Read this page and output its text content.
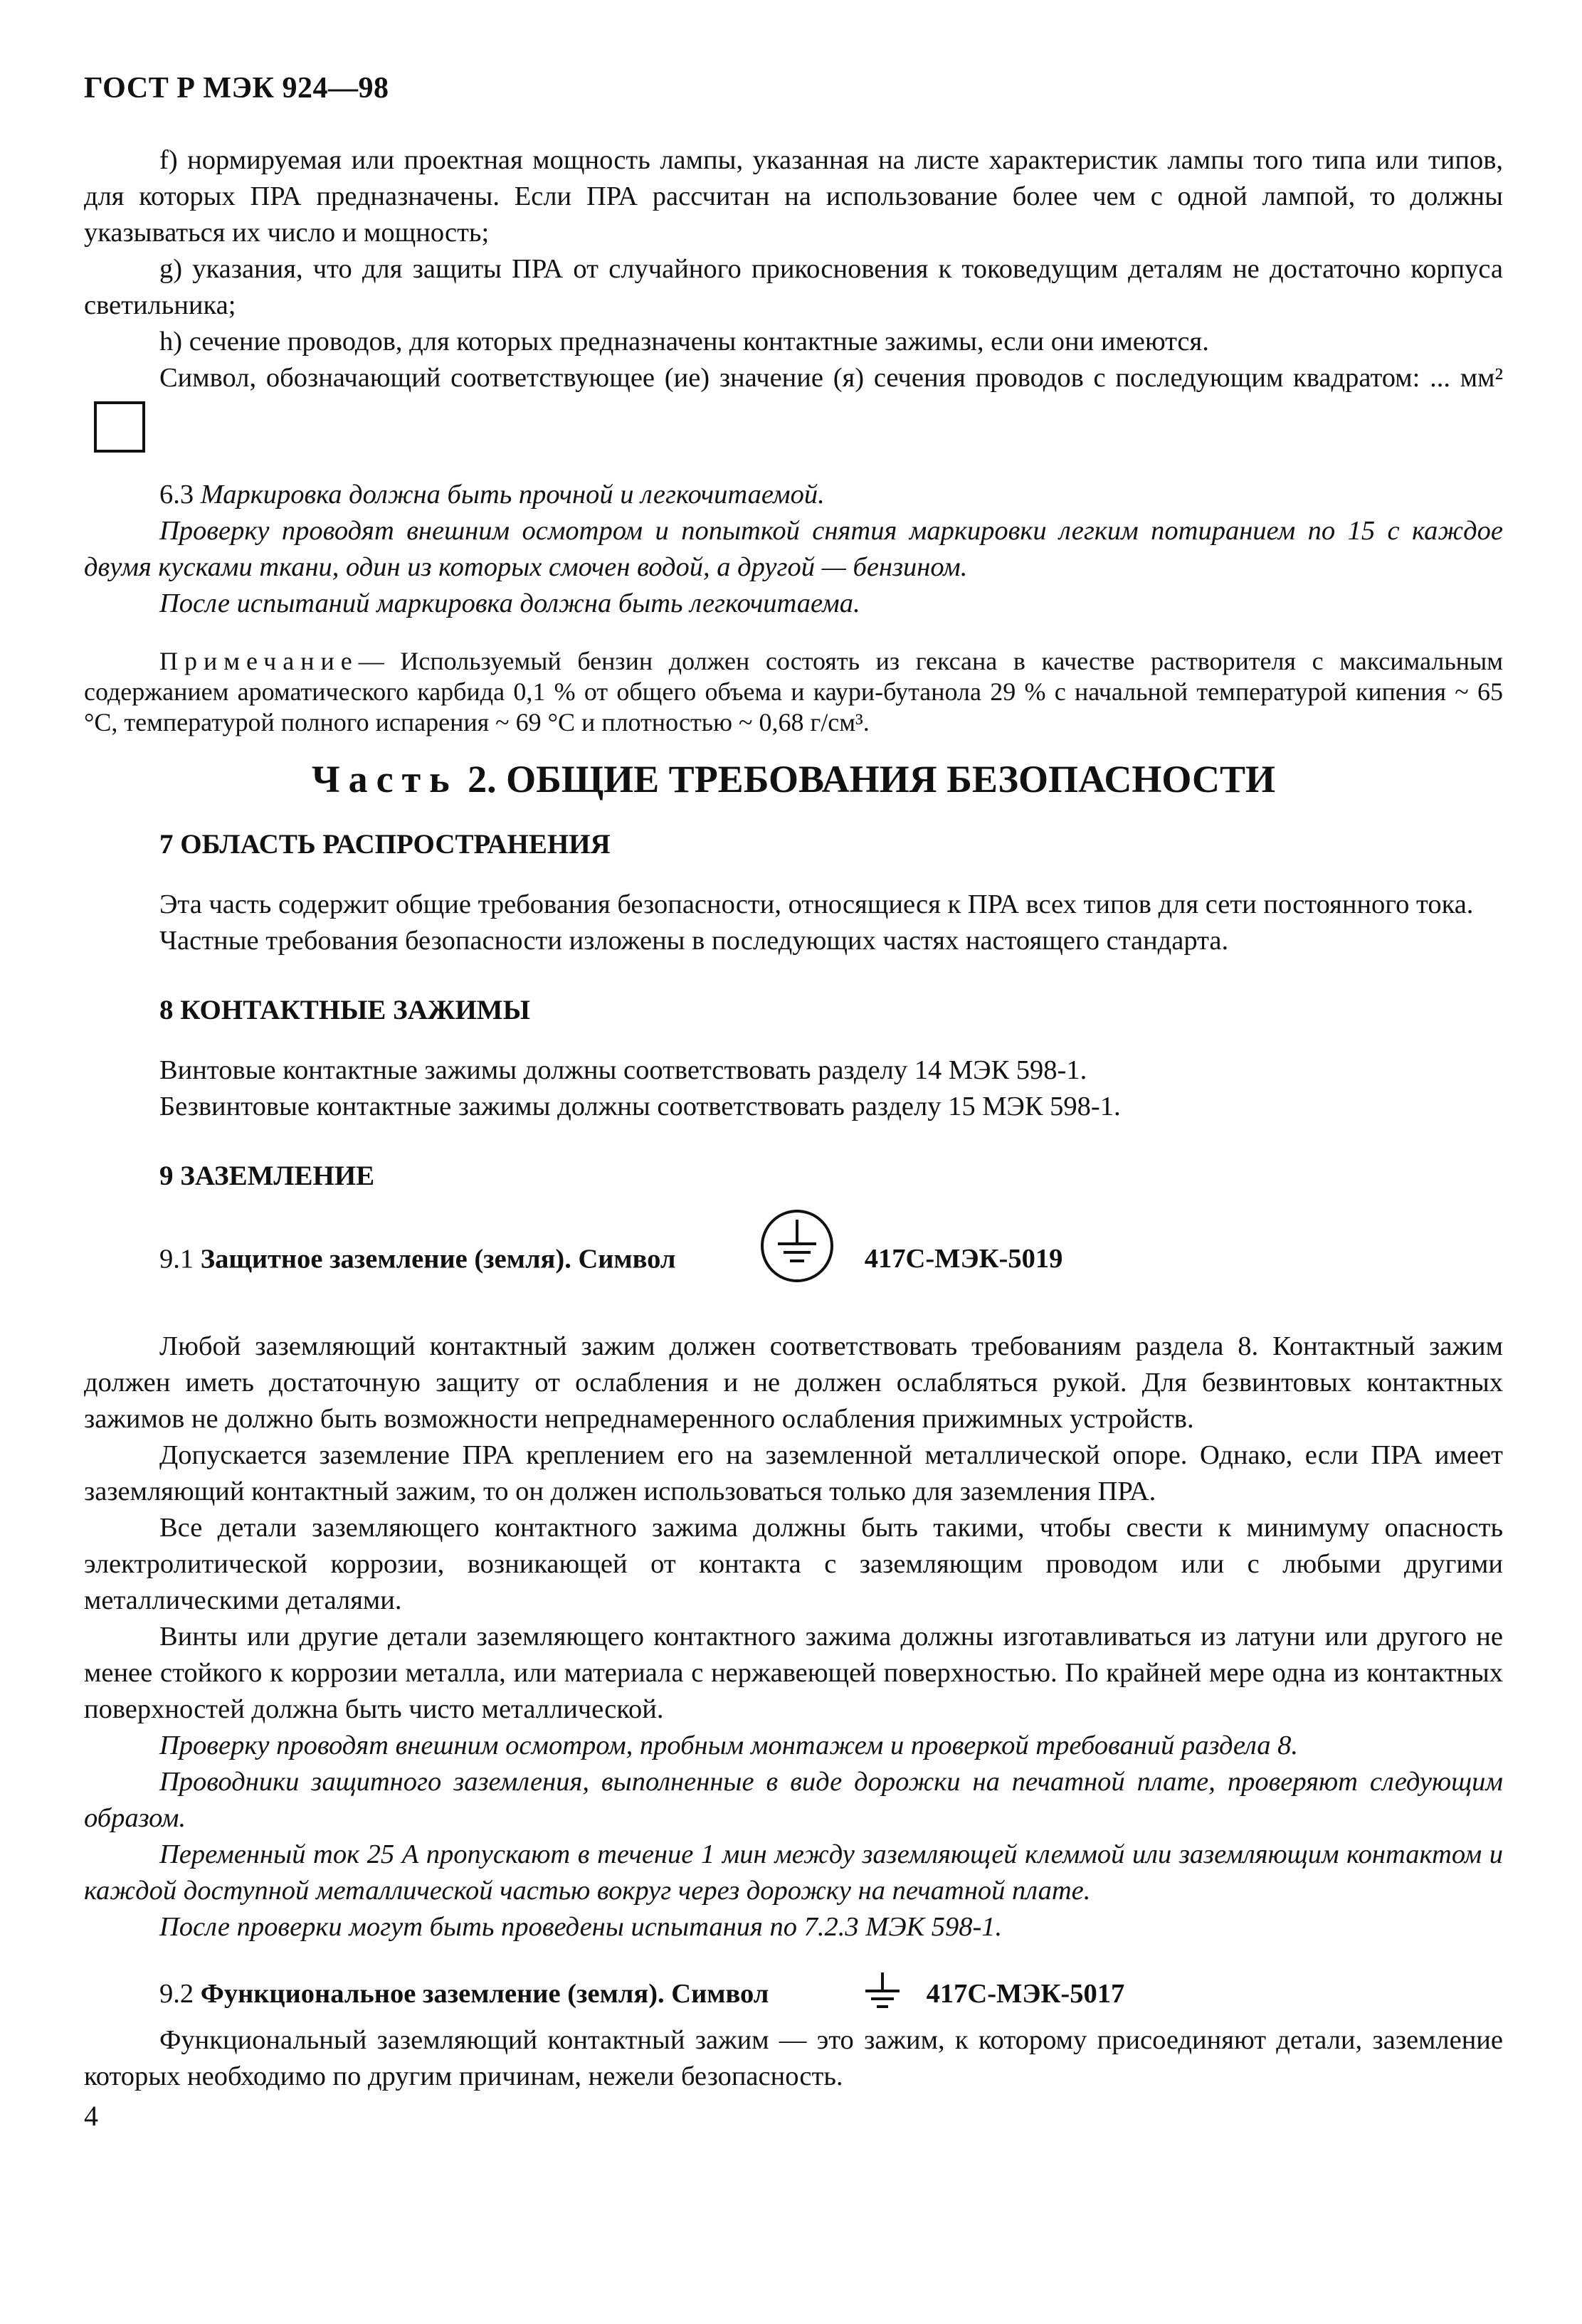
ГОСТ Р МЭК 924—98

f) нормируемая или проектная мощность лампы, указанная на листе характеристик лампы того типа или типов, для которых ПРА предназначены. Если ПРА рассчитан на использование более чем с одной лампой, то должны указываться их число и мощность;

g) указания, что для защиты ПРА от случайного прикосновения к токоведущим деталям не достаточно корпуса светильника;

h) сечение проводов, для которых предназначены контактные зажимы, если они имеются.

Символ, обозначающий соответствующее (ие) значение (я) сечения проводов с последующим квадратом: ... мм²

6.3 Маркировка должна быть прочной и легкочитаемой.

Проверку проводят внешним осмотром и попыткой снятия маркировки легким потиранием по 15 с каждое двумя кусками ткани, один из которых смочен водой, а другой — бензином.

После испытаний маркировка должна быть легкочитаема.

Примечание— Используемый бензин должен состоять из гексана в качестве растворителя с максимальным содержанием ароматического карбида 0,1 % от общего объема и каури-бутанола 29 % с начальной температурой кипения ~ 65 °С, температурой полного испарения ~ 69 °С и плотностью ~ 0,68 г/см³.

Часть 2. ОБЩИЕ ТРЕБОВАНИЯ БЕЗОПАСНОСТИ

7 ОБЛАСТЬ РАСПРОСТРАНЕНИЯ

Эта часть содержит общие требования безопасности, относящиеся к ПРА всех типов для сети постоянного тока.

Частные требования безопасности изложены в последующих частях настоящего стандарта.

8 КОНТАКТНЫЕ ЗАЖИМЫ

Винтовые контактные зажимы должны соответствовать разделу 14 МЭК 598-1.

Безвинтовые контактные зажимы должны соответствовать разделу 15 МЭК 598-1.

9 ЗАЗЕМЛЕНИЕ

9.1 Защитное заземление (земля). Символ	417С-МЭК-5019

Любой заземляющий контактный зажим должен соответствовать требованиям раздела 8. Контактный зажим должен иметь достаточную защиту от ослабления и не должен ослабляться рукой. Для безвинтовых контактных зажимов не должно быть возможности непреднамеренного ослабления прижимных устройств.

Допускается заземление ПРА креплением его на заземленной металлической опоре. Однако, если ПРА имеет заземляющий контактный зажим, то он должен использоваться только для заземления ПРА.

Все детали заземляющего контактного зажима должны быть такими, чтобы свести к минимуму опасность электролитической коррозии, возникающей от контакта с заземляющим проводом или с любыми другими металлическими деталями.

Винты или другие детали заземляющего контактного зажима должны изготавливаться из латуни или другого не менее стойкого к коррозии металла, или материала с нержавеющей поверхностью. По крайней мере одна из контактных поверхностей должна быть чисто металлической.

Проверку проводят внешним осмотром, пробным монтажем и проверкой требований раздела 8.

Проводники защитного заземления, выполненные в виде дорожки на печатной плате, проверяют следующим образом.

Переменный ток 25 А пропускают в течение 1 мин между заземляющей клеммой или заземляющим контактом и каждой доступной металлической частью вокруг через дорожку на печатной плате.

После проверки могут быть проведены испытания по 7.2.3 МЭК 598-1.

9.2 Функциональное заземление (земля). Символ	417С-МЭК-5017

Функциональный заземляющий контактный зажим — это зажим, к которому присоединяют детали, заземление которых необходимо по другим причинам, нежели безопасность.

4
